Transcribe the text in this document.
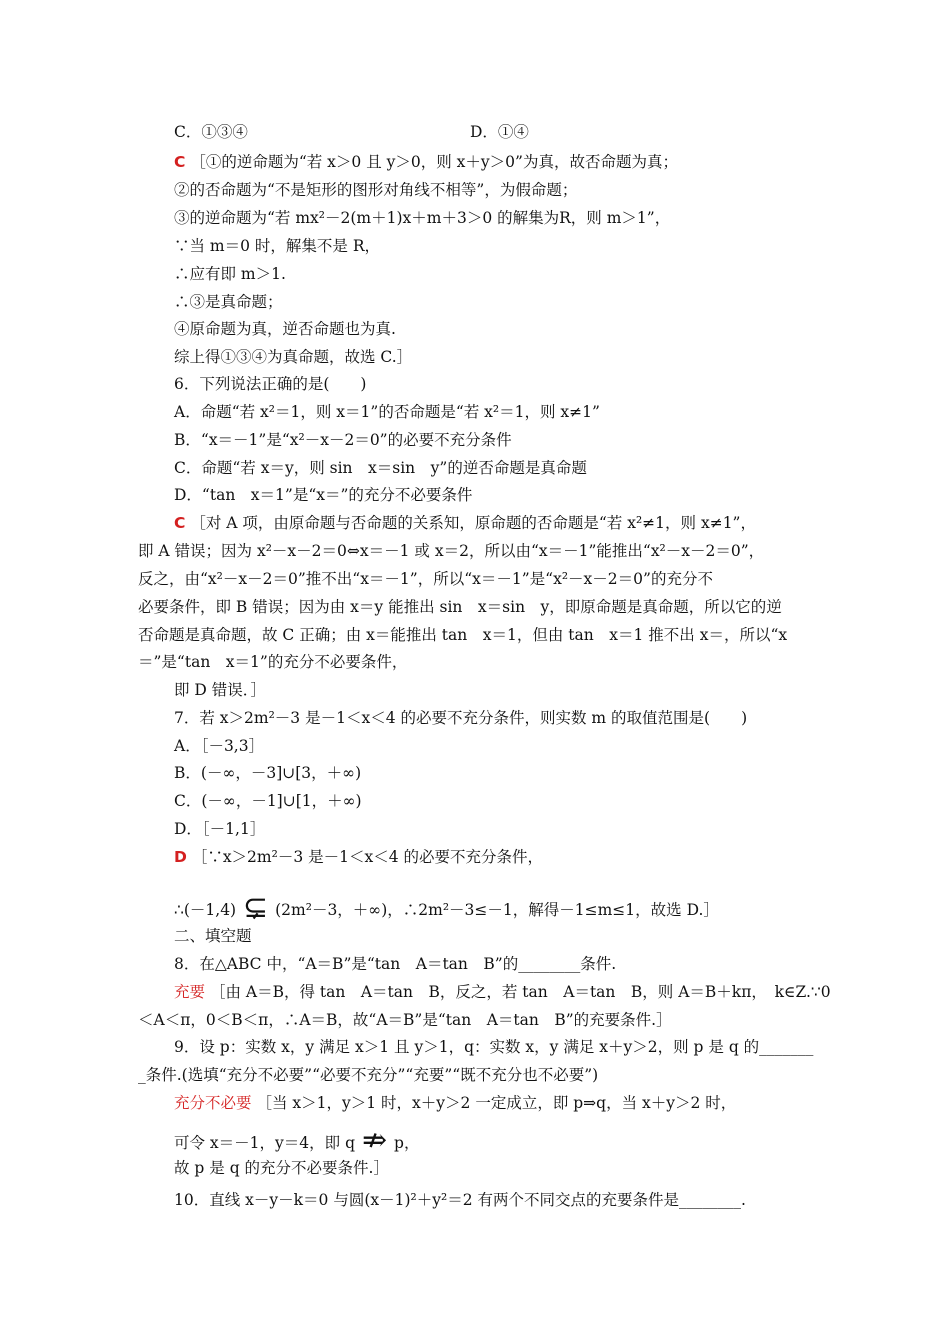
C．①③④	D．①④
C ［①的逆命题为“若 x＞0 且 y＞0，则 x＋y＞0”为真，故否命题为真；
②的否命题为“不是矩形的图形对角线不相等”，为假命题；
③的逆命题为“若 mx²－2(m＋1)x＋m＋3＞0 的解集为R，则 m＞1”，
∵当 m＝0 时，解集不是 R，
∴应有即 m＞1.
∴③是真命题；
④原命题为真，逆否命题也为真.
综上得①③④为真命题，故选 C.］
6．下列说法正确的是(　　)
A．命题“若 x²＝1，则 x＝1”的否命题是“若 x²＝1，则 x≠1”
B．“x＝－1”是“x²－x－2＝0”的必要不充分条件
C．命题“若 x＝y，则 sin　x＝sin　y”的逆否命题是真命题
D．“tan　x＝1”是“x＝”的充分不必要条件
C ［对 A 项，由原命题与否命题的关系知，原命题的否命题是“若 x²≠1，则 x≠1”，
即 A 错误；因为 x²－x－2＝0⇔x＝－1 或 x＝2，所以由“x＝－1”能推出“x²－x－2＝0”，
反之，由“x²－x－2＝0”推不出“x＝－1”，所以“x＝－1”是“x²－x－2＝0”的充分不
必要条件，即 B 错误；因为由 x＝y 能推出 sin　x＝sin　y，即原命题是真命题，所以它的逆
否命题是真命题，故 C 正确；由 x＝能推出 tan　x＝1，但由 tan　x＝1 推不出 x＝，所以“x
＝”是“tan　x＝1”的充分不必要条件，
即 D 错误．］
7．若 x＞2m²－3 是－1＜x＜4 的必要不充分条件，则实数 m 的取值范围是(　　)
A．［－3,3］
B．(－∞，－3]∪[3，＋∞)
C．(－∞，－1]∪[1，＋∞)
D．［－1,1］
D ［∵x＞2m²－3 是－1＜x＜4 的必要不充分条件，
∴(－1,4) ⊊ (2m²－3，＋∞)，∴2m²－3≤－1，解得－1≤m≤1，故选 D.］
二、填空题
8．在△ABC 中，“A＝B”是“tan　A＝tan　B”的________条件.
充要 ［由 A＝B，得 tan　A＝tan　B，反之，若 tan　A＝tan　B，则 A＝B＋kπ，　k∈Z.∵0
＜A＜π，0＜B＜π，∴A＝B，故“A＝B”是“tan　A＝tan　B”的充要条件.］
9．设 p：实数 x，y 满足 x＞1 且 y＞1，q：实数 x，y 满足 x＋y＞2，则 p 是 q 的_______
_条件.(选填“充分不必要”“必要不充分”“充要”“既不充分也不必要”)
充分不必要 ［当 x＞1，y＞1 时，x＋y＞2 一定成立，即 p⇒q，当 x＋y＞2 时，
可令 x＝－1，y＝4，即 q ⇏ p，
故 p 是 q 的充分不必要条件.］
10．直线 x－y－k＝0 与圆(x－1)²＋y²＝2 有两个不同交点的充要条件是________.
